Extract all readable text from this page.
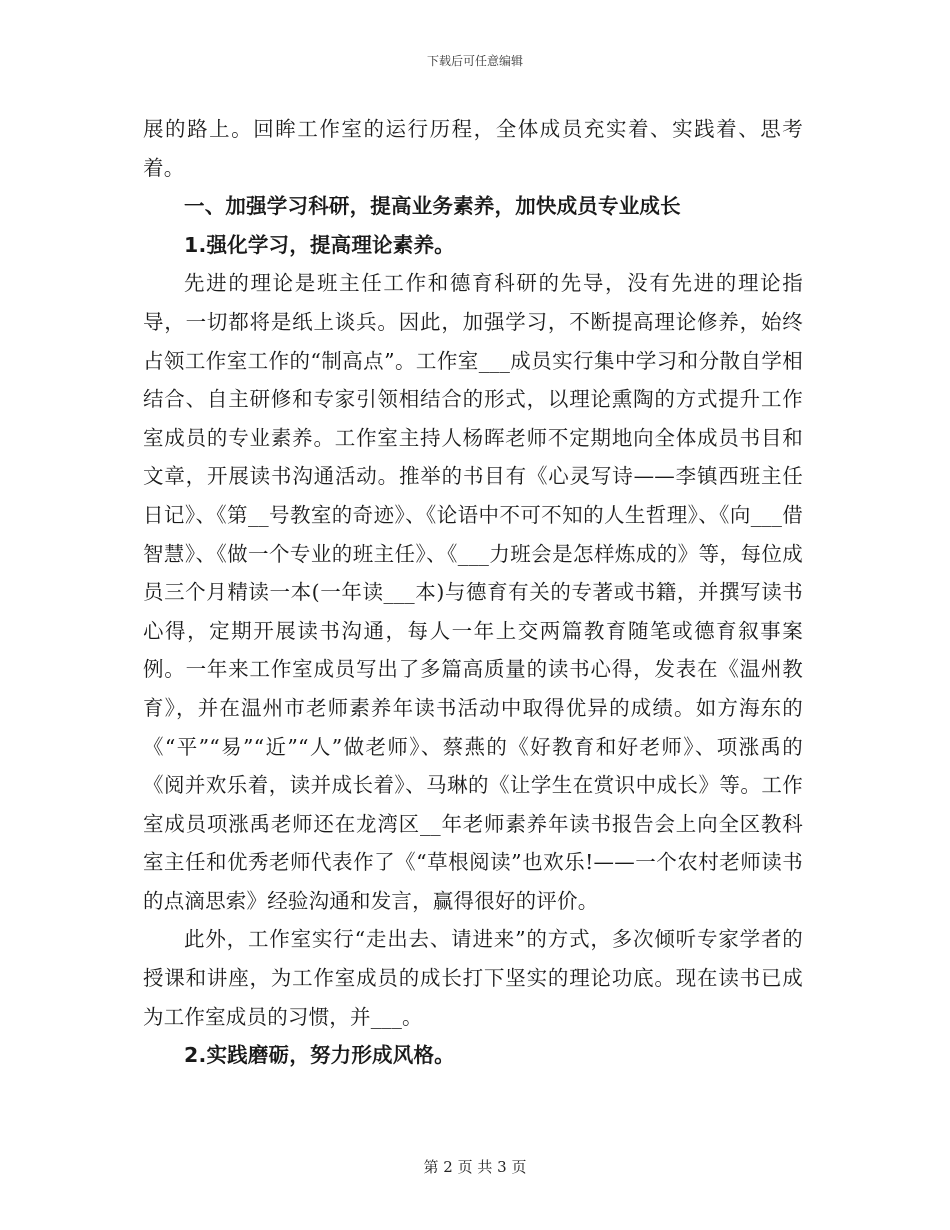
下载后可任意编辑

展的路上。回眸工作室的运行历程，全体成员充实着、实践着、思考着。

一、加强学习科研，提高业务素养，加快成员专业成长

1.强化学习，提高理论素养。

先进的理论是班主任工作和德育科研的先导，没有先进的理论指导，一切都将是纸上谈兵。因此，加强学习，不断提高理论修养，始终占领工作室工作的“制高点”。工作室___成员实行集中学习和分散自学相结合、自主研修和专家引领相结合的形式，以理论熏陶的方式提升工作室成员的专业素养。工作室主持人杨晖老师不定期地向全体成员书目和文章，开展读书沟通活动。推举的书目有《心灵写诗——李镇西班主任日记》、《第__号教室的奇迹》、《论语中不可不知的人生哲理》、《向___借智慧》、《做一个专业的班主任》、《___力班会是怎样炼成的》等，每位成员三个月精读一本(一年读___本)与德育有关的专著或书籍，并撰写读书心得，定期开展读书沟通，每人一年上交两篇教育随笔或德育叙事案例。一年来工作室成员写出了多篇高质量的读书心得，发表在《温州教育》，并在温州市老师素养年读书活动中取得优异的成绩。如方海东的《“平”“易”“近”“人”做老师》、蔡燕的《好教育和好老师》、项涨禹的《阅并欢乐着，读并成长着》、马琳的《让学生在赏识中成长》等。工作室成员项涨禹老师还在龙湾区__年老师素养年读书报告会上向全区教科室主任和优秀老师代表作了《“草根阅读”也欢乐!——一个农村老师读书的点滴思索》经验沟通和发言，赢得很好的评价。

此外，工作室实行“走出去、请进来”的方式，多次倾听专家学者的授课和讲座，为工作室成员的成长打下坚实的理论功底。现在读书已成为工作室成员的习惯，并___。

2.实践磨砺，努力形成风格。

第 2 页 共 3 页
